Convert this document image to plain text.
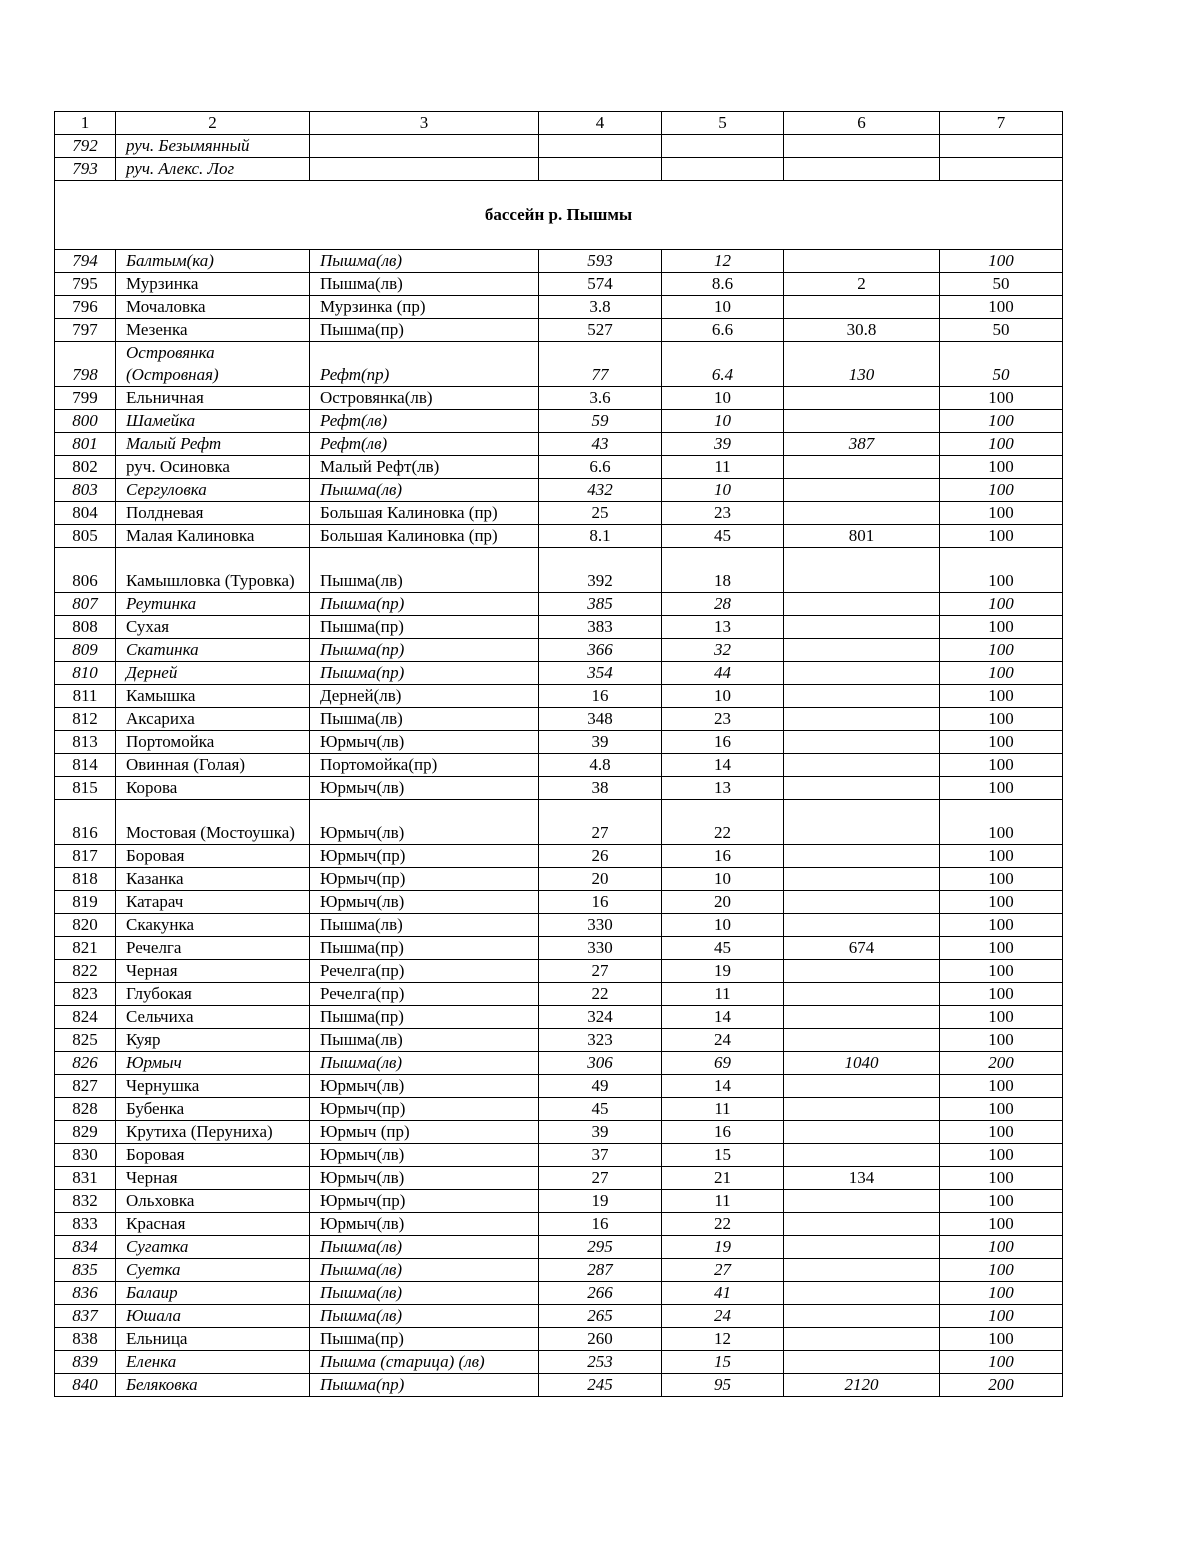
1	2	3	4	5	6	7
792	руч. Безымянный					
793	руч. Алекс. Лог					
бассейн р. Пышмы						
794	Балтым(ка)	Пышма(лв)	593	12		100
795	Мурзинка	Пышма(лв)	574	8.6	2	50
796	Мочаловка	Мурзинка (пр)	3.8	10		100
797	Мезенка	Пышма(пр)	527	6.6	30.8	50
798	Островянка (Островная)	Рефт(пр)	77	6.4	130	50
799	Ельничная	Островянка(лв)	3.6	10		100
800	Шамейка	Рефт(лв)	59	10		100
801	Малый Рефт	Рефт(лв)	43	39	387	100
802	руч. Осиновка	Малый Рефт(лв)	6.6	11		100
803	Сергуловка	Пышма(лв)	432	10		100
804	Полдневая	Большая Калиновка (пр)	25	23		100
805	Малая Калиновка	Большая Калиновка (пр)	8.1	45	801	100
806	Камышловка (Туровка)	Пышма(лв)	392	18		100
807	Реутинка	Пышма(пр)	385	28		100
808	Сухая	Пышма(пр)	383	13		100
809	Скатинка	Пышма(пр)	366	32		100
810	Дерней	Пышма(пр)	354	44		100
811	Камышка	Дерней(лв)	16	10		100
812	Аксариха	Пышма(лв)	348	23		100
813	Портомойка	Юрмыч(лв)	39	16		100
814	Овинная (Голая)	Портомойка(пр)	4.8	14		100
815	Корова	Юрмыч(лв)	38	13		100
816	Мостовая (Мостоушка)	Юрмыч(лв)	27	22		100
817	Боровая	Юрмыч(пр)	26	16		100
818	Казанка	Юрмыч(пр)	20	10		100
819	Катарач	Юрмыч(лв)	16	20		100
820	Скакунка	Пышма(лв)	330	10		100
821	Речелга	Пышма(пр)	330	45	674	100
822	Черная	Речелга(пр)	27	19		100
823	Глубокая	Речелга(пр)	22	11		100
824	Сельчиха	Пышма(пр)	324	14		100
825	Куяр	Пышма(лв)	323	24		100
826	Юрмыч	Пышма(лв)	306	69	1040	200
827	Чернушка	Юрмыч(лв)	49	14		100
828	Бубенка	Юрмыч(пр)	45	11		100
829	Крутиха (Перуниха)	Юрмыч (пр)	39	16		100
830	Боровая	Юрмыч(лв)	37	15		100
831	Черная	Юрмыч(лв)	27	21	134	100
832	Ольховка	Юрмыч(пр)	19	11		100
833	Красная	Юрмыч(лв)	16	22		100
834	Сугатка	Пышма(лв)	295	19		100
835	Суетка	Пышма(лв)	287	27		100
836	Балаир	Пышма(лв)	266	41		100
837	Юшала	Пышма(лв)	265	24		100
838	Ельница	Пышма(пр)	260	12		100
839	Еленка	Пышма (старица) (лв)	253	15		100
840	Беляковка	Пышма(пр)	245	95	2120	200
